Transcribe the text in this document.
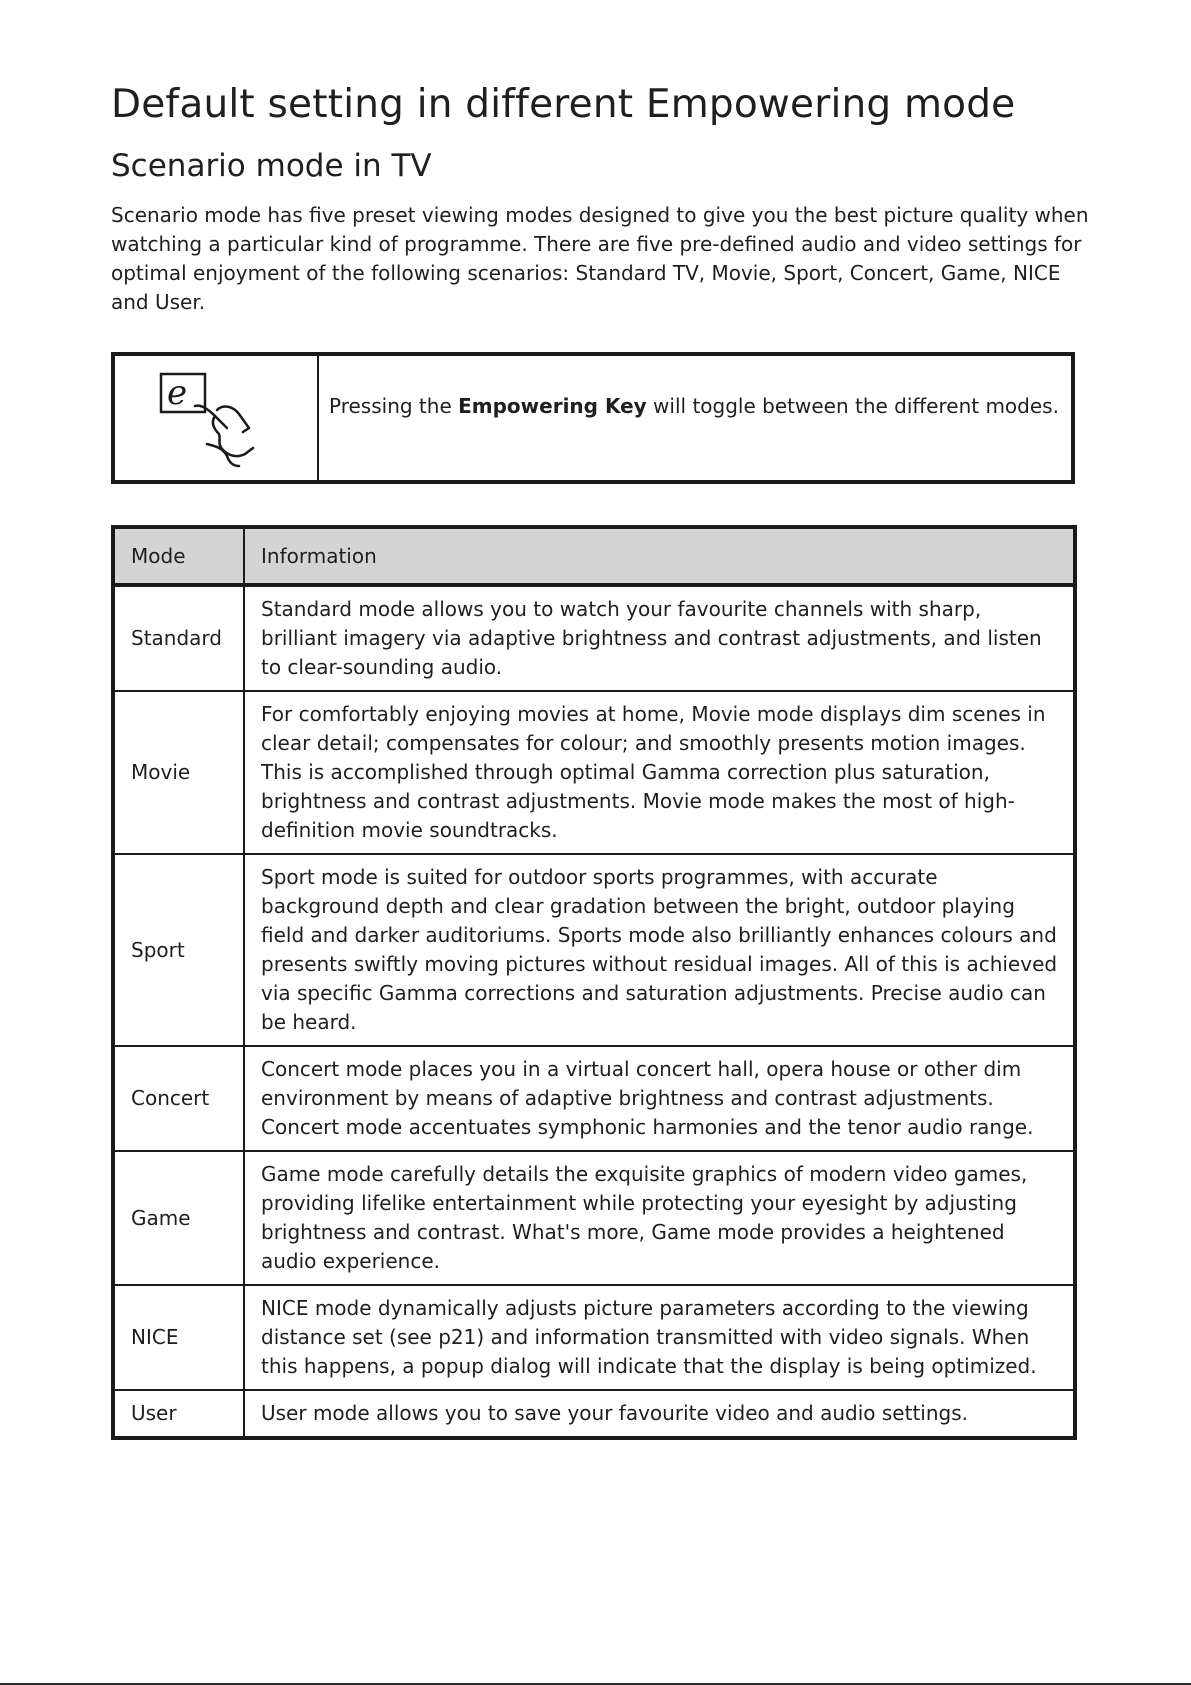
Default setting in different Empowering mode
Scenario mode in TV

Scenario mode has five preset viewing modes designed to give you the best picture quality when watching a particular kind of programme. There are five pre-defined audio and video settings for optimal enjoyment of the following scenarios: Standard TV, Movie, Sport, Concert, Game, NICE and User.

e	Pressing the Empowering Key will toggle between the different modes.
Mode	Information
Standard	Standard mode allows you to watch your favourite channels with sharp, brilliant imagery via adaptive brightness and contrast adjustments, and listen to clear-sounding audio.
Movie	For comfortably enjoying movies at home, Movie mode displays dim scenes in clear detail; compensates for colour; and smoothly presents motion images. This is accomplished through optimal Gamma correction plus saturation, brightness and contrast adjustments. Movie mode makes the most of high-definition movie soundtracks.
Sport	Sport mode is suited for outdoor sports programmes, with accurate background depth and clear gradation between the bright, outdoor playing field and darker auditoriums. Sports mode also brilliantly enhances colours and presents swiftly moving pictures without residual images. All of this is achieved via specific Gamma corrections and saturation adjustments. Precise audio can be heard.
Concert	Concert mode places you in a virtual concert hall, opera house or other dim environment by means of adaptive brightness and contrast adjustments. Concert mode accentuates symphonic harmonies and the tenor audio range.
Game	Game mode carefully details the exquisite graphics of modern video games, providing lifelike entertainment while protecting your eyesight by adjusting brightness and contrast. What's more, Game mode provides a heightened audio experience.
NICE	NICE mode dynamically adjusts picture parameters according to the viewing distance set (see p21) and information transmitted with video signals. When this happens, a popup dialog will indicate that the display is being optimized.
User	User mode allows you to save your favourite video and audio settings.
